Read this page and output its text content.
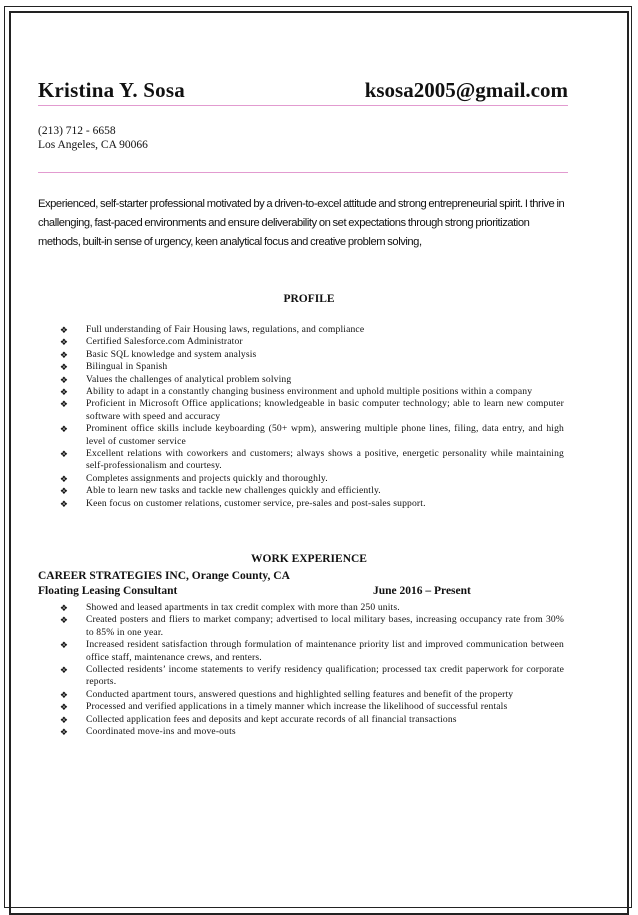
Kristina Y. Sosa	ksosa2005@gmail.com
(213) 712 - 6658
Los Angeles, CA 90066

Experienced, self-starter professional motivated by a driven-to-excel attitude and strong entrepreneurial spirit. I thrive in challenging, fast-paced environments and ensure deliverability on set expectations through strong prioritization methods, built-in sense of urgency, keen analytical focus and creative problem solving,

PROFILE
❖ Full understanding of Fair Housing laws, regulations, and compliance
❖ Certified Salesforce.com Administrator
❖ Basic SQL knowledge and system analysis
❖ Bilingual in Spanish
❖ Values the challenges of analytical problem solving
❖ Ability to adapt in a constantly changing business environment and uphold multiple positions within a company
❖ Proficient in Microsoft Office applications; knowledgeable in basic computer technology; able to learn new computer software with speed and accuracy
❖ Prominent office skills include keyboarding (50+ wpm), answering multiple phone lines, filing, data entry, and high level of customer service
❖ Excellent relations with coworkers and customers; always shows a positive, energetic personality while maintaining self-professionalism and courtesy.
❖ Completes assignments and projects quickly and thoroughly.
❖ Able to learn new tasks and tackle new challenges quickly and efficiently.
❖ Keen focus on customer relations, customer service, pre-sales and post-sales support.
WORK EXPERIENCE
CAREER STRATEGIES INC, Orange County, CA
Floating Leasing Consultant	June 2016 – Present
❖ Showed and leased apartments in tax credit complex with more than 250 units.
❖ Created posters and fliers to market company; advertised to local military bases, increasing occupancy rate from 30% to 85% in one year.
❖ Increased resident satisfaction through formulation of maintenance priority list and improved communication between office staff, maintenance crews, and renters.
❖ Collected residents’ income statements to verify residency qualification; processed tax credit paperwork for corporate reports.
❖ Conducted apartment tours, answered questions and highlighted selling features and benefit of the property
❖ Processed and verified applications in a timely manner which increase the likelihood of successful rentals
❖ Collected application fees and deposits and kept accurate records of all financial transactions
❖ Coordinated move-ins and move-outs
